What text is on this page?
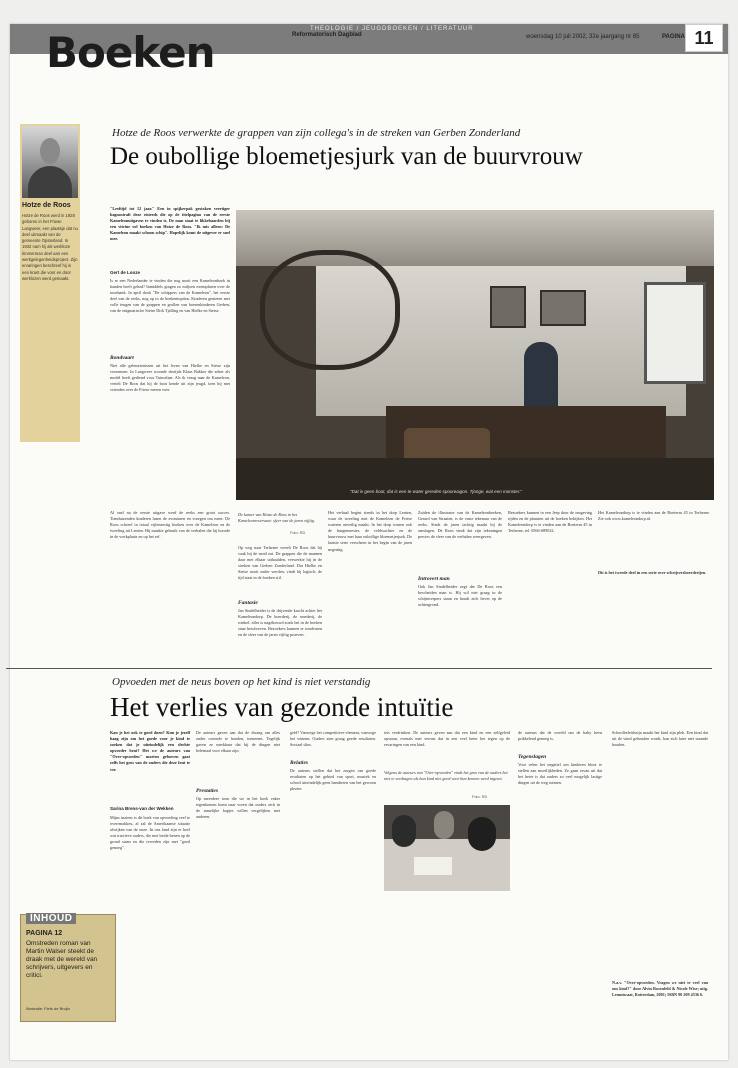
THEOLOGIE / JEUGDBOEKEN / LITERATUUR
Boeken	Reformatorisch Dagblad	woensdag 10 juli 2002, 32e jaargang nr 85	PAGINA 11
Hotze de Roos
Hotze de Roos werd in 1928 geboren in het Friese Langweer, een plaatsje dat nu deel uitmaakt van de gemeente Opsterland. In 1932 nam hij als werkloze timmerman deel aan een werkgelegenheidsproject. Zijn ervaringen beschreef hij in een krant die voor en door werklozen werd gemaakt.
Hotze de Roos verwerkte de grappen van zijn collega's in de streken van Gerben Zonderland
De oubollige bloemetjesjurk van de buurvrouw
"Leeftijd tot 12 jaar." Een in spijkerpak gestoken veertiger bagnostraft deze eisteeds die op de titelpagina van de eerste Kameleonuitgaven te vinden is. De man staat te likkebaarden bij een vitrine vol boeken van Hotze de Roos. "Ik mis alleen: De Kameleon maakt schoon schip". Hopelijk komt de uitgever er snel mee.
Gert de Looze
Is er een Nederlander te vinden die nog nooit een Kameleonboek in handen heeft gehad? Inmiddels gingen zo miljoen exemplaren over de toonbank. In april dook "De schippers van de Kameleon", het eerste deel van de reeks, nog op in de boekentoptien. Kinderen genieten met volle teugen van de grappen en grollen van boerenkinderen Gerben, van de enigmatische Sietse Dirk Tjalling en van Hielke en Sietse.
Rondvaart
Niet alle gebeurtenissen uit het leven van Hielke en Sietse zijn verzonnen. In Langweer woonde destijds Klaas Bakker die zeker als model heeft gediend voor Tuimelaar. Als ik vraag naar de Kameleon, vertelt De Roos dat hij de boot kende uit zijn jeugd, toen hij met vrienden over de Friese meren voer.
"Dat is geen boot, dat is een te water gereden spoorwagon. Tjonge, wat een monster."
De kamer van Hotze de Roos in het Kameleonreservaat: sfeer van de jaren vijftig.
Foto: RD
Al snel na de eerste uitgave werd de reeks een groot succes. Tienduizenden kinderen lazen de avonturen en vroegen om meer. De Roos schreef in totaal vijfenzestig boeken over de Kameleon en de tweeling uit Lenten. Hij maakte gebruik van de verhalen die hij hoorde in de werkplaats en op het erf.
Op weg naar Terherne vertelt De Roos dat hij vaak bij de smid zat. De grappen die de mannen daar met elkaar uithaalden, verwerkte hij in de streken van Gerben Zonderland. Dat Hielke en Sietse nooit ouder werden, vindt hij logisch: de tijd staat in de boeken stil.
Fantasie
Jan Sindelheider is de drijvende kracht achter het Kameleondorp. De boerderij, de smederij, de winkel: alles is nagebouwd zoals het in de boeken staat beschreven. Bezoekers kunnen er rondvaren en de sfeer van de jaren vijftig proeven.
Het verhaal begint steeds in het dorp Lenten, waar de tweeling met de Kameleon de Friese wateren onveilig maakt. In het dorp wonen ook de burgemeester, de veldwachter en de buurvrouw met haar oubollige bloemetjesjurk. De laatste serie verscheen in het begin van de jaren negentig.
Zuiden de illustrator van de Kameleonboeken, Gerard van Straaten, is de vaste tekenaar van de reeks. Sinds de jaren tachtig maakt hij de omslagen. De Roos vindt dat zijn tekeningen precies de sfeer van de verhalen weergeven.
Introvert man
Ook Jan Sindelheider zegt dat De Roos een bescheiden man is. Hij wil niet graag in de schijnwerpers staan en houdt zich liever op de achtergrond.
Bezoekers kunnen in een Jeep door de omgeving rijden en de plaatsen uit de boeken bekijken. Het Kameleondorp is te vinden aan de Boeierm 45 in Terherne, tel. 0566-689022.
Het Kameleondorp is te vinden aan de Boeierm 45 in Terherne. Zie ook www.kameleondorp.nl.
Dit is het tweede deel in een serie over schrijversboerderijen.
Opvoeden met de neus boven op het kind is niet verstandig
Het verlies van gezonde intuïtie
Kan je het ook te goed doen? Kun je jezelf haag zijn om het goede voor je kind te zoeken dat je uiteindelijk een slechte opvoeder bent? Het we de auteurs van "Over-opvoeden" moeten gelooven gaat zelfs het gros van de ouders die deze fout te ver.
Sarina Brens-van der Wekken
Mijns inziens is dit boek van opvoeding veel te overrmokkeu, al zal de Amerikaanse situatie afwijken van de onze. In ons land zijn er heel wat tractieve ouders, die met beide benen op de grond staan en die tevreden zijn met "goed genoeg".
De auteurs gaven aan dat de dwang om alles onder controle te houden, toeneemt. Tegelijk gaven ze merkbaar dat bij de dingen niet helemaal voor elkaar zijn.
Prestaties
Op meerdere toon die we in het boek vaker tegenkomen komt naar voren dat ouders zich in de tamelijke kapjes willen vergelijken met anderen.
geld? Vanwege het competitieve element, vanwege het winnen. Ouders zien graag goede resultaten. Sociaal slim.
Relaties
De auteurs stellen dat het zorgen om goede resultaten op het gebied van sport, muziek en school uiteindelijk geen hamberen van het gewoon plezier.
iets verdrinken. De auteurs geven aan dat een kind en een zelfgeleid opstaan, evenals met verrast dat in een veel beter het tegen op de ervaringen van een kind.
Volgens de auteurs van "Over-opvoeden" vindt het gros van de ouders het niet te verdragen als hun kind niet goed voor hun kennen werd ingezet.
Foto: RD
de auteurs dat de wereld om de baby heen prikkelend genoeg is.
Tegenslagen
Voor velen het negatief om kinderen bloot te stellen aan moeilijkheden. Ze gaan ervan uit dat het beter is dat ouders zo veel mogelijk lastige dingen uit de weg ruimen.
Schoolbeleidszijn maakt het kind zijn plek. Een kind dat uit de wind gehouden wordt, kan zich later niet staande houden.
N.a.v. "Over-opvoeden. Vragen we niet te veel van ons kind?" door Alvin Rosenfeld & Nicole Wise; uitg. Lemniscaat, Rotterdam, 2001; ISBN 90 209 4536 6.
INHOUD
PAGINA 12
Omstreden roman van Martin Walser steekt de draak met de wereld van schrijvers, uitgevers en critici.
Illustratie: Fiets de Bruijn
